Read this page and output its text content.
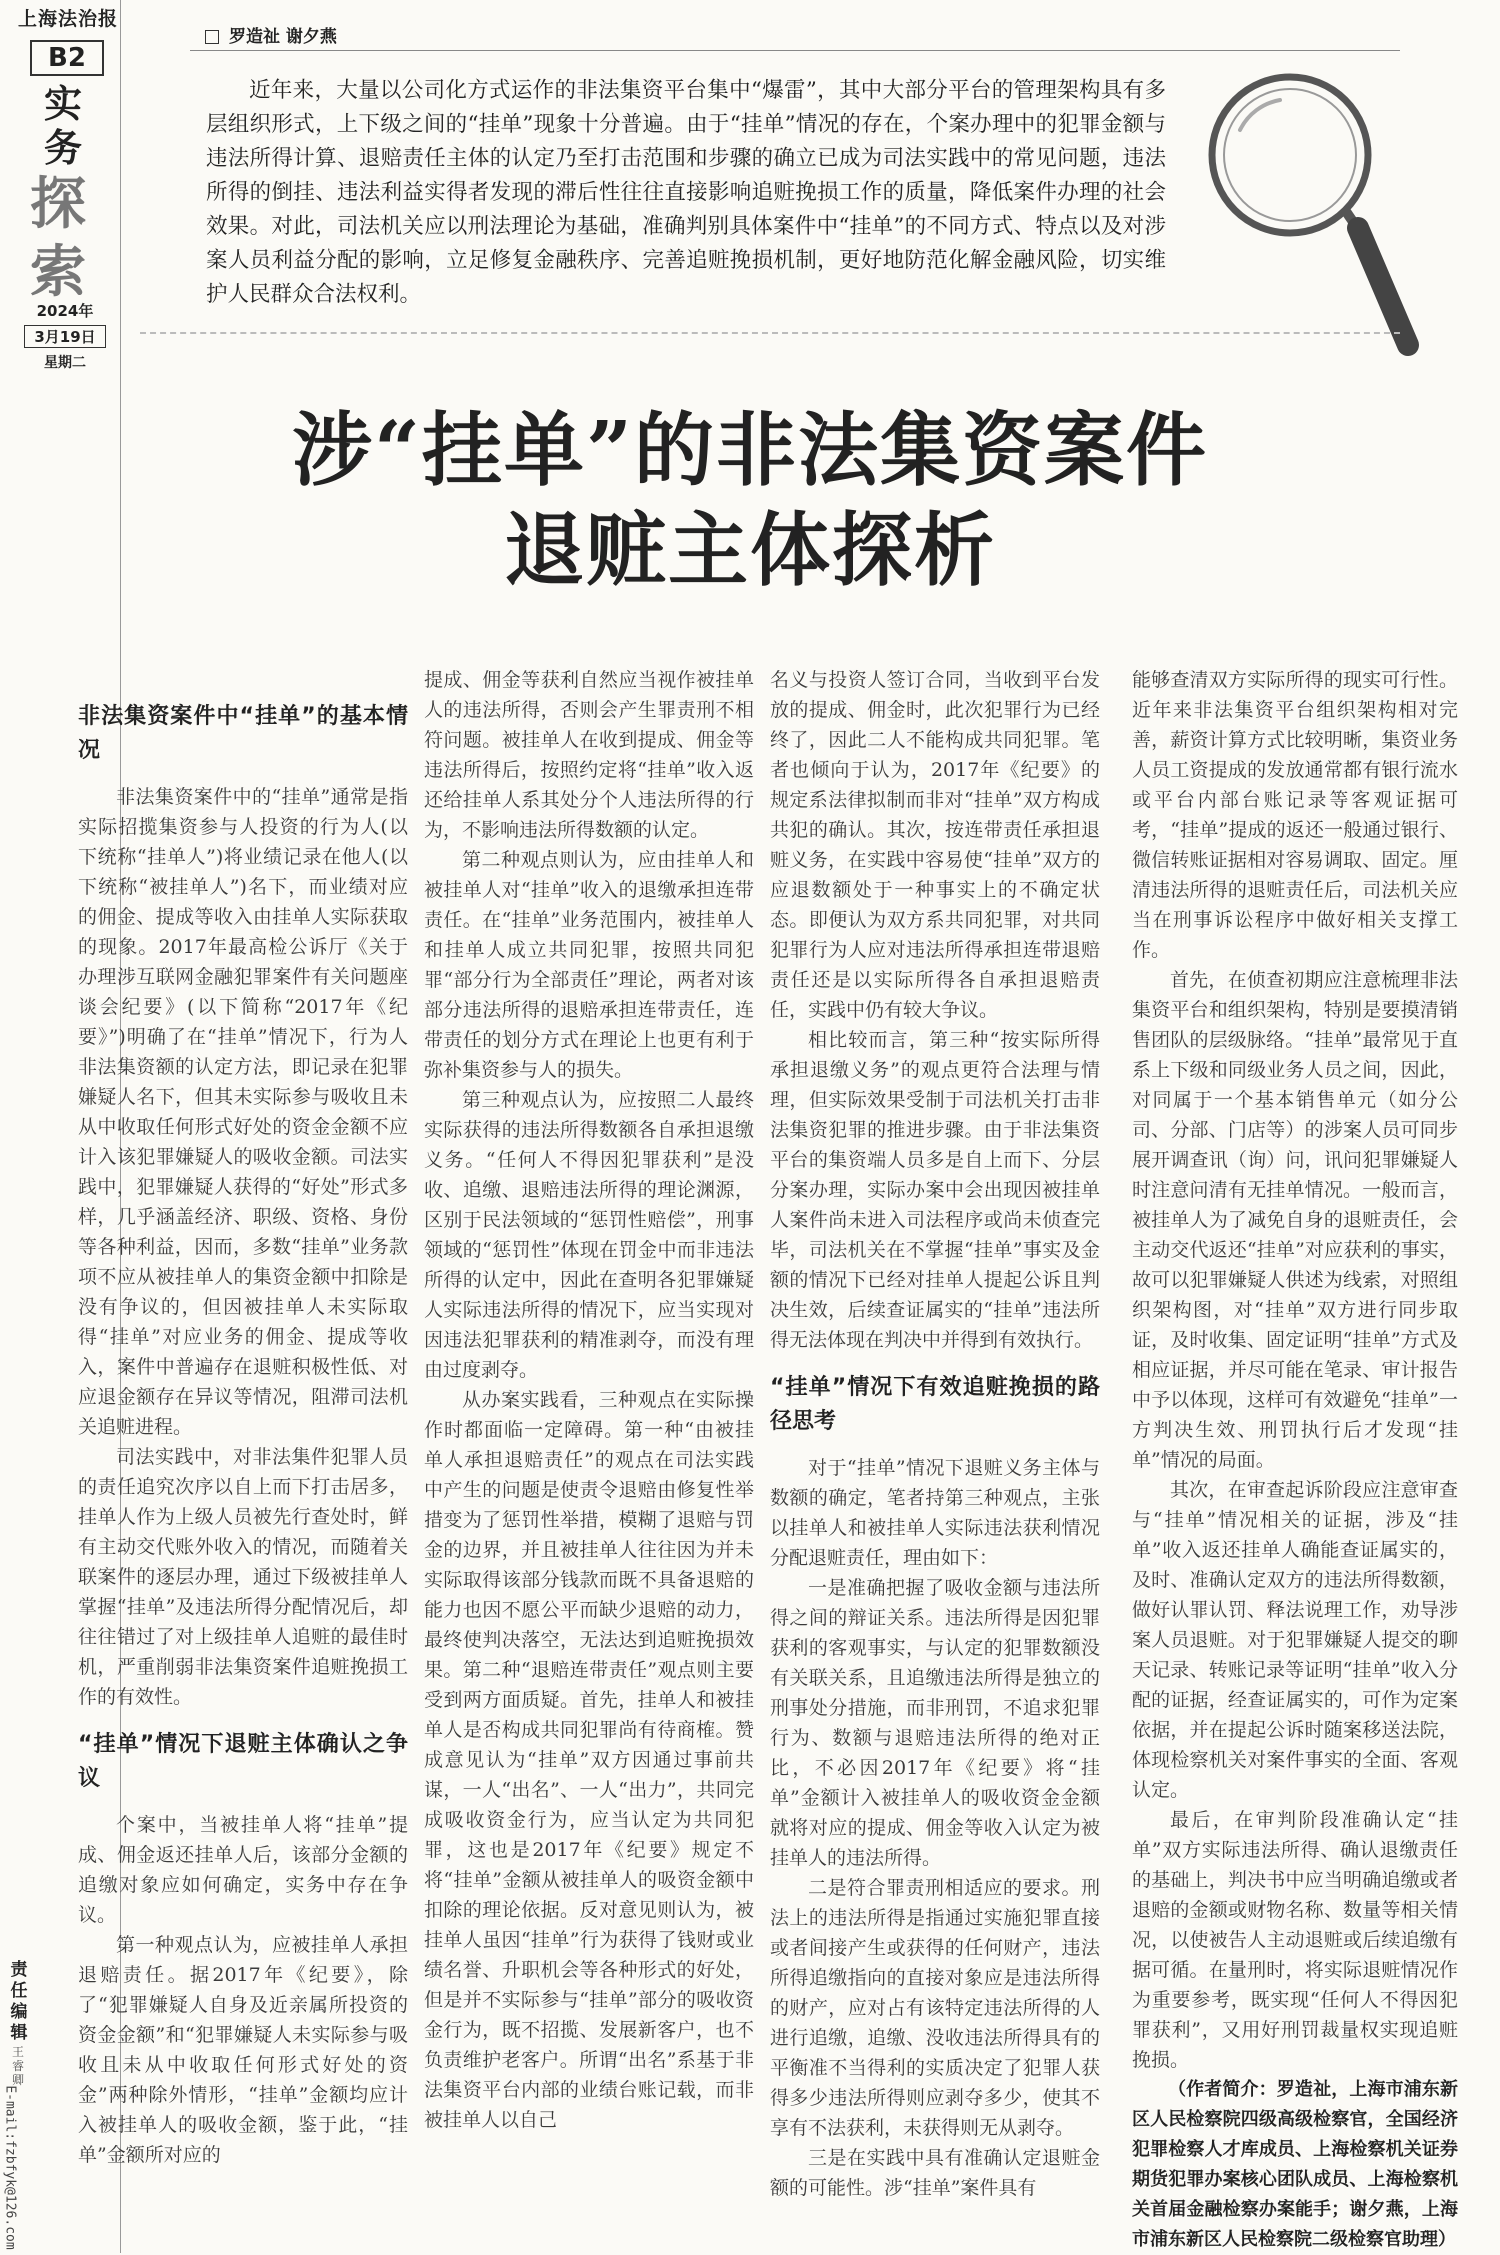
上海法治报
B2
实务
探索
2024年
3月19日
星期二
罗造祉 谢夕燕

近年来，大量以公司化方式运作的非法集资平台集中“爆雷”，其中大部分平台的管理架构具有多层组织形式，上下级之间的“挂单”现象十分普遍。由于“挂单”情况的存在，个案办理中的犯罪金额与违法所得计算、退赔责任主体的认定乃至打击范围和步骤的确立已成为司法实践中的常见问题，违法所得的倒挂、违法利益实得者发现的滞后性往往直接影响追赃挽损工作的质量，降低案件办理的社会效果。对此，司法机关应以刑法理论为基础，准确判别具体案件中“挂单”的不同方式、特点以及对涉案人员利益分配的影响，立足修复金融秩序、完善追赃挽损机制，更好地防范化解金融风险，切实维护人民群众合法权利。

涉“挂单”的非法集资案件
退赃主体探析
非法集资案件中“挂单”的基本情况

非法集资案件中的“挂单”通常是指实际招揽集资参与人投资的行为人(以下统称“挂单人”)将业绩记录在他人(以下统称“被挂单人”)名下，而业绩对应的佣金、提成等收入由挂单人实际获取的现象。2017年最高检公诉厅《关于办理涉互联网金融犯罪案件有关问题座谈会纪要》(以下简称“2017年《纪要》”)明确了在“挂单”情况下，行为人非法集资额的认定方法，即记录在犯罪嫌疑人名下，但其未实际参与吸收且未从中收取任何形式好处的资金金额不应计入该犯罪嫌疑人的吸收金额。司法实践中，犯罪嫌疑人获得的“好处”形式多样，几乎涵盖经济、职级、资格、身份等各种利益，因而，多数“挂单”业务款项不应从被挂单人的集资金额中扣除是没有争议的，但因被挂单人未实际取得“挂单”对应业务的佣金、提成等收入，案件中普遍存在退赃积极性低、对应退金额存在异议等情况，阻滞司法机关追赃进程。

司法实践中，对非法集件犯罪人员的责任追究次序以自上而下打击居多，挂单人作为上级人员被先行查处时，鲜有主动交代账外收入的情况，而随着关联案件的逐层办理，通过下级被挂单人掌握“挂单”及违法所得分配情况后，却往往错过了对上级挂单人追赃的最佳时机，严重削弱非法集资案件追赃挽损工作的有效性。

“挂单”情况下退赃主体确认之争议

个案中，当被挂单人将“挂单”提成、佣金返还挂单人后，该部分金额的追缴对象应如何确定，实务中存在争议。

第一种观点认为，应被挂单人承担退赔责任。据2017年《纪要》，除了“犯罪嫌疑人自身及近亲属所投资的资金金额”和“犯罪嫌疑人未实际参与吸收且未从中收取任何形式好处的资金”两种除外情形，“挂单”金额均应计入被挂单人的吸收金额，鉴于此，“挂单”金额所对应的

提成、佣金等获利自然应当视作被挂单人的违法所得，否则会产生罪责刑不相符问题。被挂单人在收到提成、佣金等违法所得后，按照约定将“挂单”收入返还给挂单人系其处分个人违法所得的行为，不影响违法所得数额的认定。

第二种观点则认为，应由挂单人和被挂单人对“挂单”收入的退缴承担连带责任。在“挂单”业务范围内，被挂单人和挂单人成立共同犯罪，按照共同犯罪“部分行为全部责任”理论，两者对该部分违法所得的退赔承担连带责任，连带责任的划分方式在理论上也更有利于弥补集资参与人的损失。

第三种观点认为，应按照二人最终实际获得的违法所得数额各自承担退缴义务。“任何人不得因犯罪获利”是没收、追缴、退赔违法所得的理论渊源，区别于民法领域的“惩罚性赔偿”，刑事领域的“惩罚性”体现在罚金中而非违法所得的认定中，因此在查明各犯罪嫌疑人实际违法所得的情况下，应当实现对因违法犯罪获利的精准剥夺，而没有理由过度剥夺。

从办案实践看，三种观点在实际操作时都面临一定障碍。第一种“由被挂单人承担退赔责任”的观点在司法实践中产生的问题是使责令退赔由修复性举措变为了惩罚性举措，模糊了退赔与罚金的边界，并且被挂单人往往因为并未实际取得该部分钱款而既不具备退赔的能力也因不愿公平而缺少退赔的动力，最终使判决落空，无法达到追赃挽损效果。第二种“退赔连带责任”观点则主要受到两方面质疑。首先，挂单人和被挂单人是否构成共同犯罪尚有待商榷。赞成意见认为“挂单”双方因通过事前共谋，一人“出名”、一人“出力”，共同完成吸收资金行为，应当认定为共同犯罪，这也是2017年《纪要》规定不将“挂单”金额从被挂单人的吸资金额中扣除的理论依据。反对意见则认为，被挂单人虽因“挂单”行为获得了钱财或业绩名誉、升职机会等各种形式的好处，但是并不实际参与“挂单”部分的吸收资金行为，既不招揽、发展新客户，也不负责维护老客户。所谓“出名”系基于非法集资平台内部的业绩台账记载，而非被挂单人以自己

名义与投资人签订合同，当收到平台发放的提成、佣金时，此次犯罪行为已经终了，因此二人不能构成共同犯罪。笔者也倾向于认为，2017年《纪要》的规定系法律拟制而非对“挂单”双方构成共犯的确认。其次，按连带责任承担退赃义务，在实践中容易使“挂单”双方的应退数额处于一种事实上的不确定状态。即便认为双方系共同犯罪，对共同犯罪行为人应对违法所得承担连带退赔责任还是以实际所得各自承担退赔责任，实践中仍有较大争议。

相比较而言，第三种“按实际所得承担退缴义务”的观点更符合法理与情理，但实际效果受制于司法机关打击非法集资犯罪的推进步骤。由于非法集资平台的集资端人员多是自上而下、分层分案办理，实际办案中会出现因被挂单人案件尚未进入司法程序或尚未侦查完毕，司法机关在不掌握“挂单”事实及金额的情况下已经对挂单人提起公诉且判决生效，后续查证属实的“挂单”违法所得无法体现在判决中并得到有效执行。

“挂单”情况下有效追赃挽损的路径思考

对于“挂单”情况下退赃义务主体与数额的确定，笔者持第三种观点，主张以挂单人和被挂单人实际违法获利情况分配退赃责任，理由如下：

一是准确把握了吸收金额与违法所得之间的辩证关系。违法所得是因犯罪获利的客观事实，与认定的犯罪数额没有关联关系，且追缴违法所得是独立的刑事处分措施，而非刑罚，不追求犯罪行为、数额与退赔违法所得的绝对正比，不必因2017年《纪要》将“挂单”金额计入被挂单人的吸收资金金额就将对应的提成、佣金等收入认定为被挂单人的违法所得。

二是符合罪责刑相适应的要求。刑法上的违法所得是指通过实施犯罪直接或者间接产生或获得的任何财产，违法所得追缴指向的直接对象应是违法所得的财产，应对占有该特定违法所得的人进行追缴，追缴、没收违法所得具有的平衡准不当得利的实质决定了犯罪人获得多少违法所得则应剥夺多少，使其不享有不法获利，未获得则无从剥夺。

三是在实践中具有准确认定退赃金额的可能性。涉“挂单”案件具有

能够查清双方实际所得的现实可行性。近年来非法集资平台组织架构相对完善，薪资计算方式比较明晰，集资业务人员工资提成的发放通常都有银行流水或平台内部台账记录等客观证据可考，“挂单”提成的返还一般通过银行、微信转账证据相对容易调取、固定。厘清违法所得的退赃责任后，司法机关应当在刑事诉讼程序中做好相关支撑工作。

首先，在侦查初期应注意梳理非法集资平台和组织架构，特别是要摸清销售团队的层级脉络。“挂单”最常见于直系上下级和同级业务人员之间，因此，对同属于一个基本销售单元（如分公司、分部、门店等）的涉案人员可同步展开调查讯（询）问，讯问犯罪嫌疑人时注意问清有无挂单情况。一般而言，被挂单人为了减免自身的退赃责任，会主动交代返还“挂单”对应获利的事实，故可以犯罪嫌疑人供述为线索，对照组织架构图，对“挂单”双方进行同步取证，及时收集、固定证明“挂单”方式及相应证据，并尽可能在笔录、审计报告中予以体现，这样可有效避免“挂单”一方判决生效、刑罚执行后才发现“挂单”情况的局面。

其次，在审查起诉阶段应注意审查与“挂单”情况相关的证据，涉及“挂单”收入返还挂单人确能查证属实的，及时、准确认定双方的违法所得数额，做好认罪认罚、释法说理工作，劝导涉案人员退赃。对于犯罪嫌疑人提交的聊天记录、转账记录等证明“挂单”收入分配的证据，经查证属实的，可作为定案依据，并在提起公诉时随案移送法院，体现检察机关对案件事实的全面、客观认定。

最后，在审判阶段准确认定“挂单”双方实际违法所得、确认退缴责任的基础上，判决书中应当明确追缴或者退赔的金额或财物名称、数量等相关情况，以使被告人主动退赃或后续追缴有据可循。在量刑时，将实际退赃情况作为重要参考，既实现“任何人不得因犯罪获利”，又用好刑罚裁量权实现追赃挽损。

（作者简介：罗造祉，上海市浦东新区人民检察院四级高级检察官，全国经济犯罪检察人才库成员、上海检察机关证券期货犯罪办案核心团队成员、上海检察机关首届金融检察办案能手；谢夕燕，上海市浦东新区人民检察院二级检察官助理）

责任编辑
王睿卿
E-mail:fzbfyk@126.com
